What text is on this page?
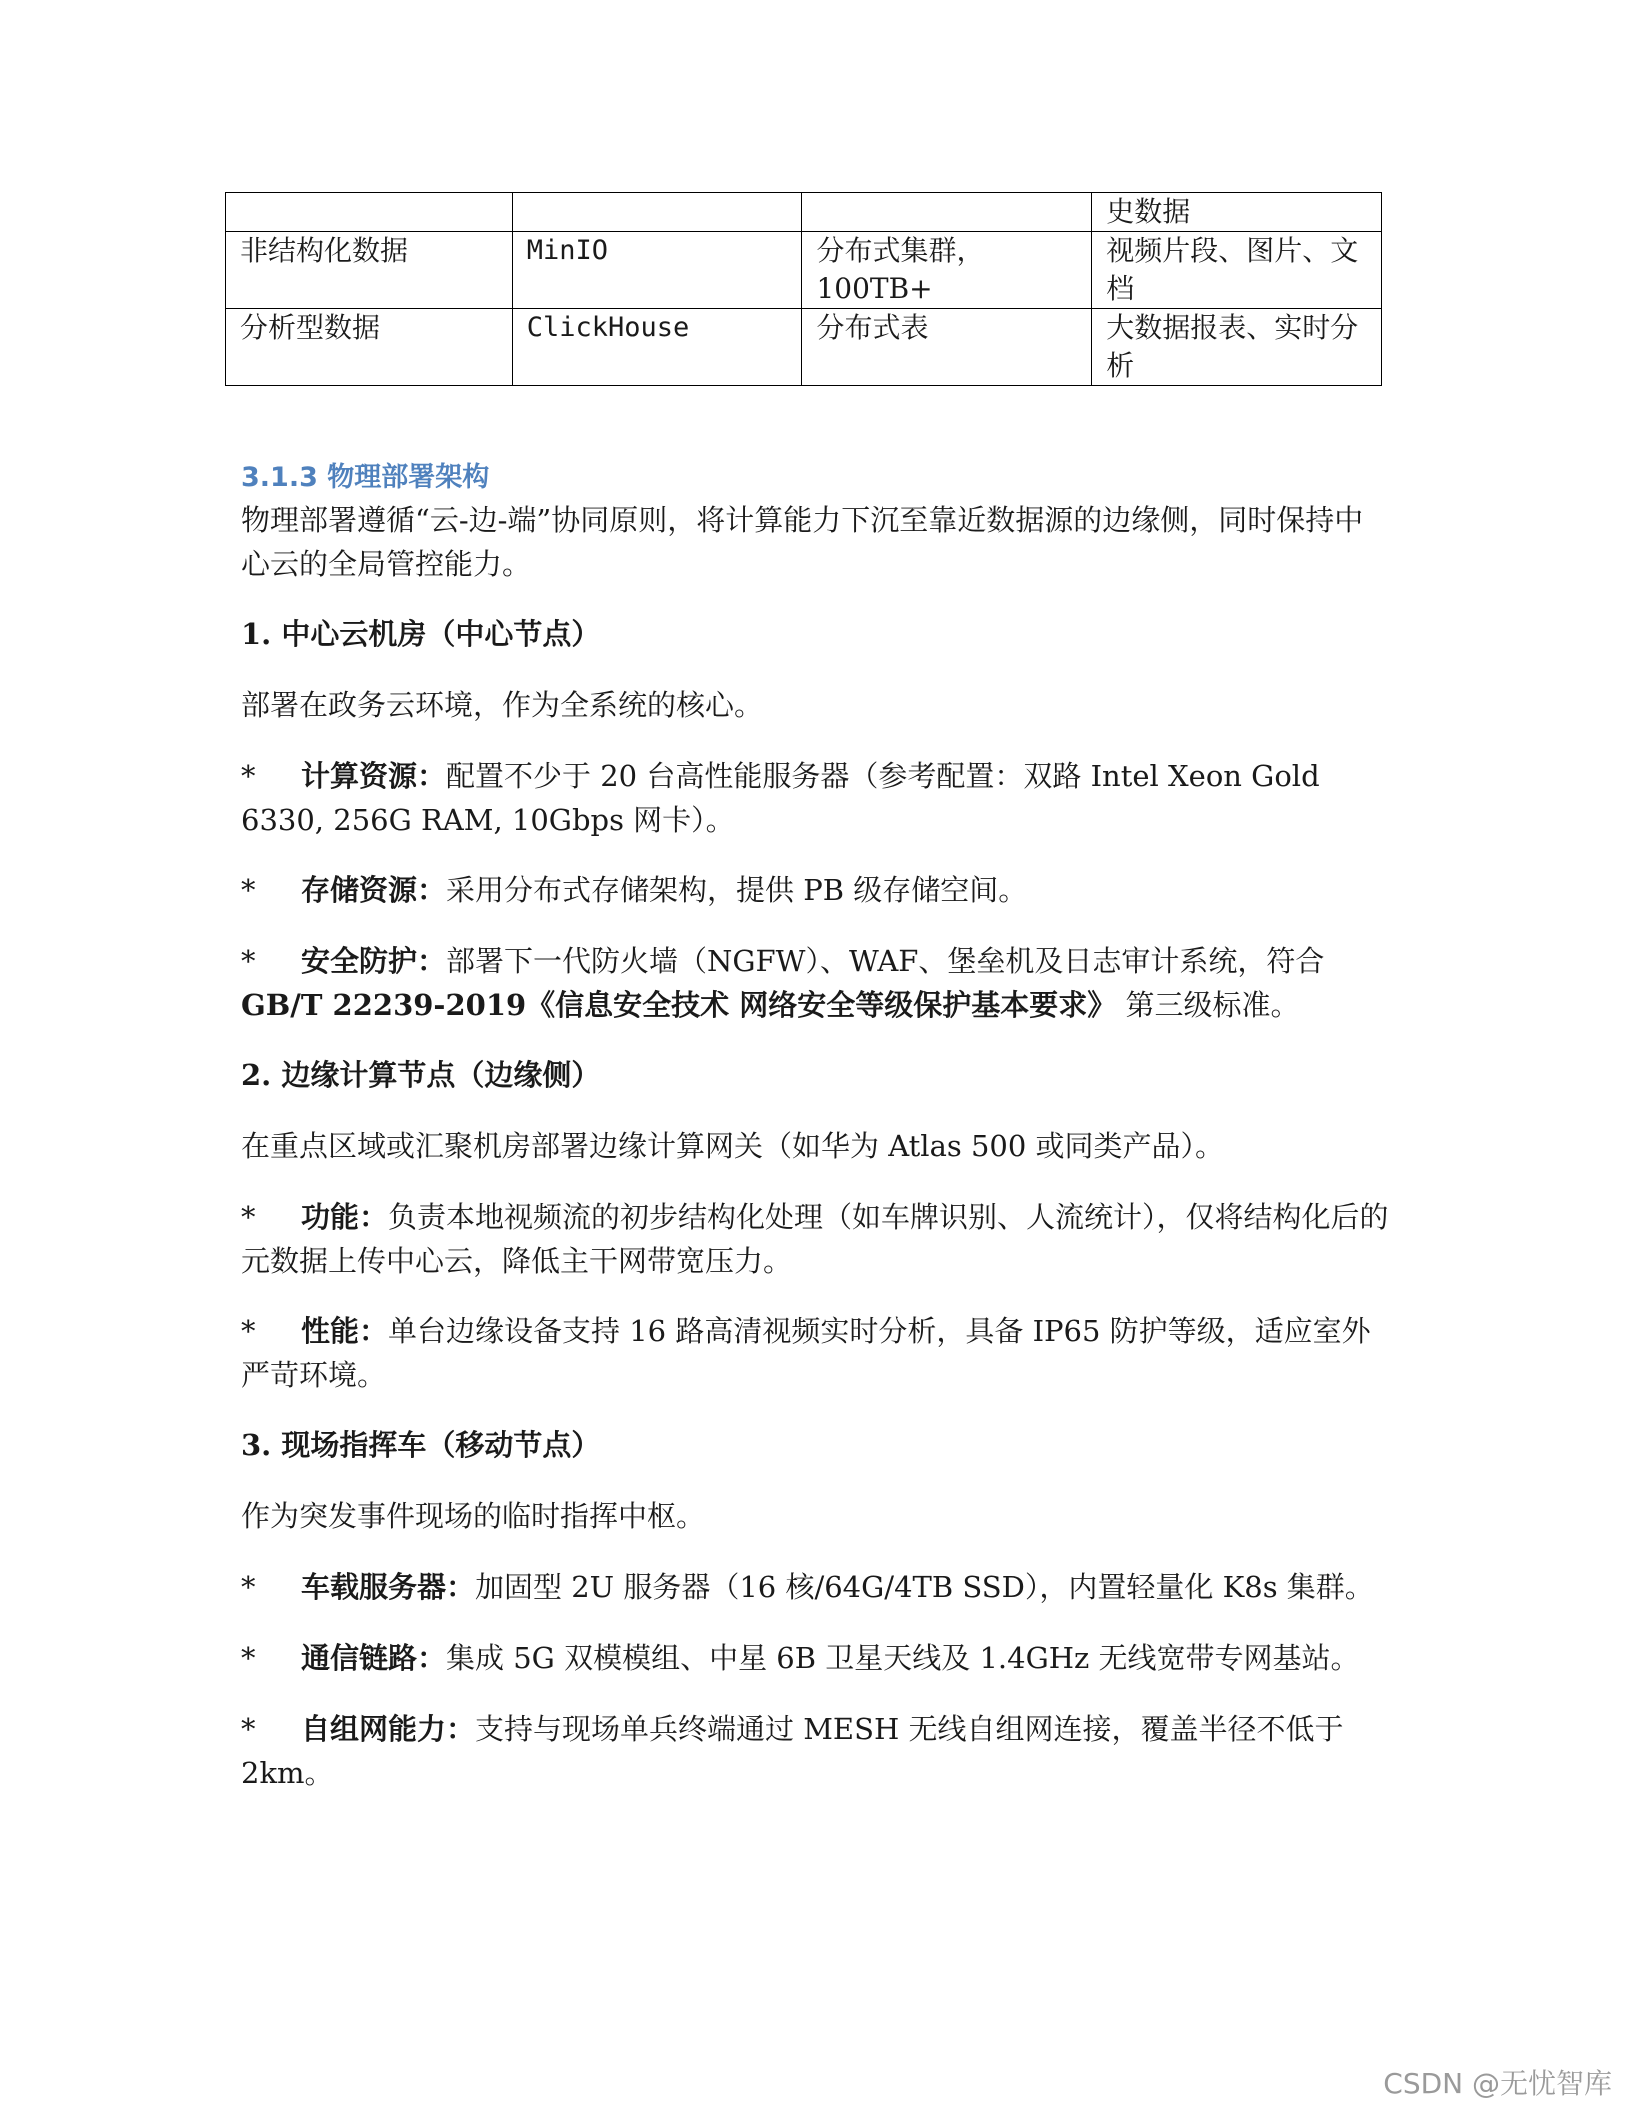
			史数据
非结构化数据	MinIO	分布式集群，100TB+	视频片段、图片、文档
分析型数据	ClickHouse	分布式表	大数据报表、实时分析
3.1.3 物理部署架构
物理部署遵循“云-边-端”协同原则，将计算能力下沉至靠近数据源的边缘侧，同时保持中心云的全局管控能力。
1. 中心云机房（中心节点）
部署在政务云环境，作为全系统的核心。
* 计算资源：配置不少于 20 台高性能服务器（参考配置：双路 Intel Xeon Gold 6330, 256G RAM, 10Gbps 网卡）。
* 存储资源：采用分布式存储架构，提供 PB 级存储空间。
* 安全防护：部署下一代防火墙（NGFW）、WAF、堡垒机及日志审计系统，符合 GB/T 22239-2019《信息安全技术 网络安全等级保护基本要求》 第三级标准。
2. 边缘计算节点（边缘侧）
在重点区域或汇聚机房部署边缘计算网关（如华为 Atlas 500 或同类产品）。
* 功能：负责本地视频流的初步结构化处理（如车牌识别、人流统计），仅将结构化后的元数据上传中心云，降低主干网带宽压力。
* 性能：单台边缘设备支持 16 路高清视频实时分析，具备 IP65 防护等级，适应室外严苛环境。
3. 现场指挥车（移动节点）
作为突发事件现场的临时指挥中枢。
* 车载服务器：加固型 2U 服务器（16 核/64G/4TB SSD），内置轻量化 K8s 集群。
* 通信链路：集成 5G 双模模组、中星 6B 卫星天线及 1.4GHz 无线宽带专网基站。
* 自组网能力：支持与现场单兵终端通过 MESH 无线自组网连接，覆盖半径不低于 2km。
CSDN @无忧智库
